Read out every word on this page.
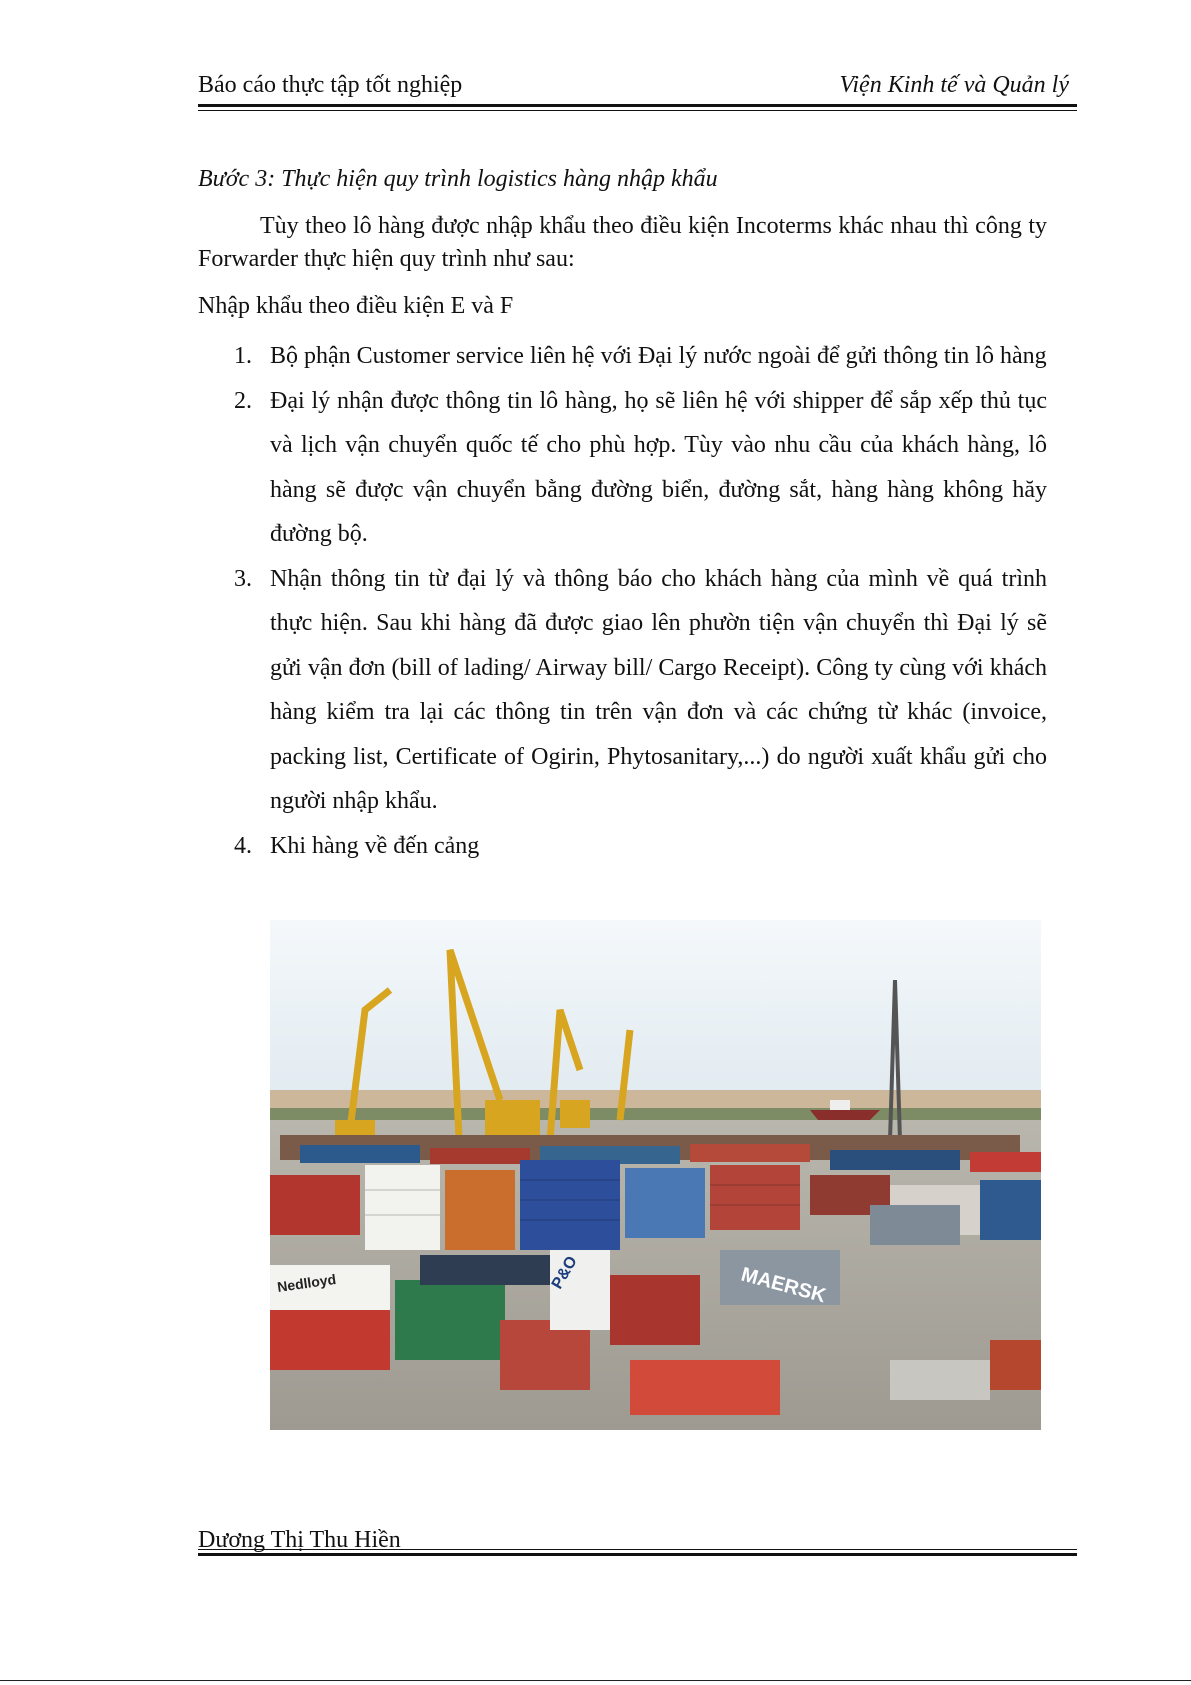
Báo cáo thực tập tốt nghiệp	Viện Kinh tế và Quản lý
Bước 3: Thực hiện quy trình logistics hàng nhập khẩu
Tùy theo lô hàng được nhập khẩu theo điều kiện Incoterms khác nhau thì công ty Forwarder thực hiện quy trình như sau:
Nhập khẩu theo điều kiện E và F
1. Bộ phận Customer service liên hệ với Đại lý nước ngoài để gửi thông tin lô hàng
2. Đại lý nhận được thông tin lô hàng, họ sẽ liên hệ với shipper để sắp xếp thủ tục và lịch vận chuyển quốc tế cho phù hợp. Tùy vào nhu cầu của khách hàng, lô hàng sẽ được vận chuyển bằng đường biển, đường sắt, hàng hàng không hăy đường bộ.
3. Nhận thông tin từ đại lý và thông báo cho khách hàng của mình về quá trình thực hiện. Sau khi hàng đã được giao lên phườn tiện vận chuyển thì Đại lý sẽ gửi vận đơn (bill of lading/ Airway bill/ Cargo Receipt). Công ty cùng với khách hàng kiểm tra lại các thông tin trên vận đơn và các chứng từ khác (invoice, packing list, Certificate of Ogirin, Phytosanitary,...) do người xuất khẩu gửi cho người nhập khẩu.
4. Khi hàng về đến cảng
Nedlloyd	P&O	MAERSK
Dương Thị Thu Hiền
